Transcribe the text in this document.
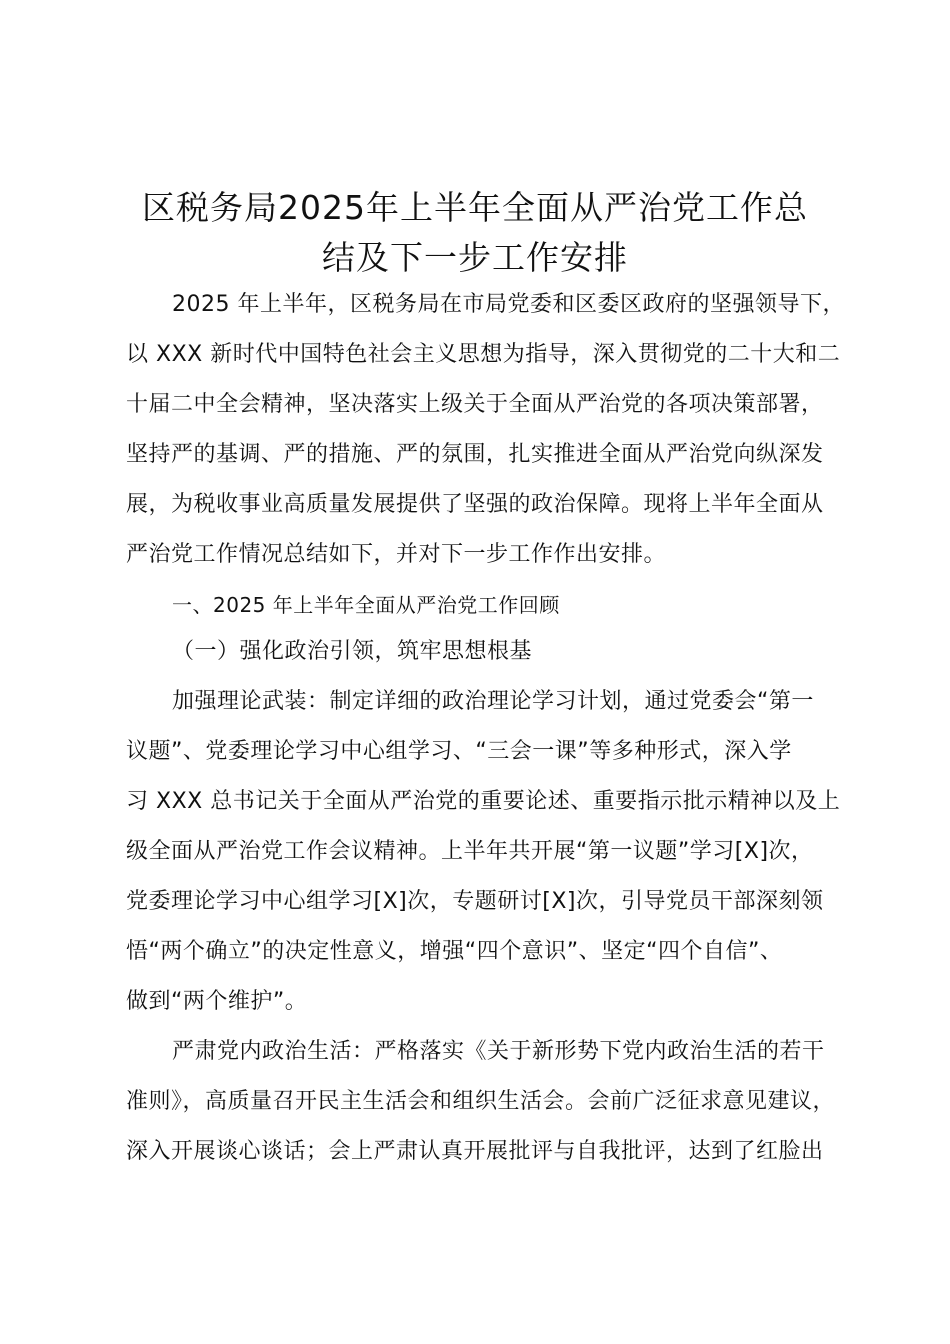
区税务局2025年上半年全面从严治党工作总
结及下一步工作安排
2025 年上半年，区税务局在市局党委和区委区政府的坚强领导下，
以 XXX 新时代中国特色社会主义思想为指导，深入贯彻党的二十大和二
十届二中全会精神，坚决落实上级关于全面从严治党的各项决策部署，
坚持严的基调、严的措施、严的氛围，扎实推进全面从严治党向纵深发
展，为税收事业高质量发展提供了坚强的政治保障。现将上半年全面从
严治党工作情况总结如下，并对下一步工作作出安排。
一、2025 年上半年全面从严治党工作回顾
（一）强化政治引领，筑牢思想根基
加强理论武装：制定详细的政治理论学习计划，通过党委会“第一
议题”、党委理论学习中心组学习、“三会一课”等多种形式，深入学
习 XXX 总书记关于全面从严治党的重要论述、重要指示批示精神以及上
级全面从严治党工作会议精神。上半年共开展“第一议题”学习[X]次，
党委理论学习中心组学习[X]次，专题研讨[X]次，引导党员干部深刻领
悟“两个确立”的决定性意义，增强“四个意识”、坚定“四个自信”、
做到“两个维护”。
严肃党内政治生活：严格落实《关于新形势下党内政治生活的若干
准则》，高质量召开民主生活会和组织生活会。会前广泛征求意见建议，
深入开展谈心谈话；会上严肃认真开展批评与自我批评，达到了红脸出
